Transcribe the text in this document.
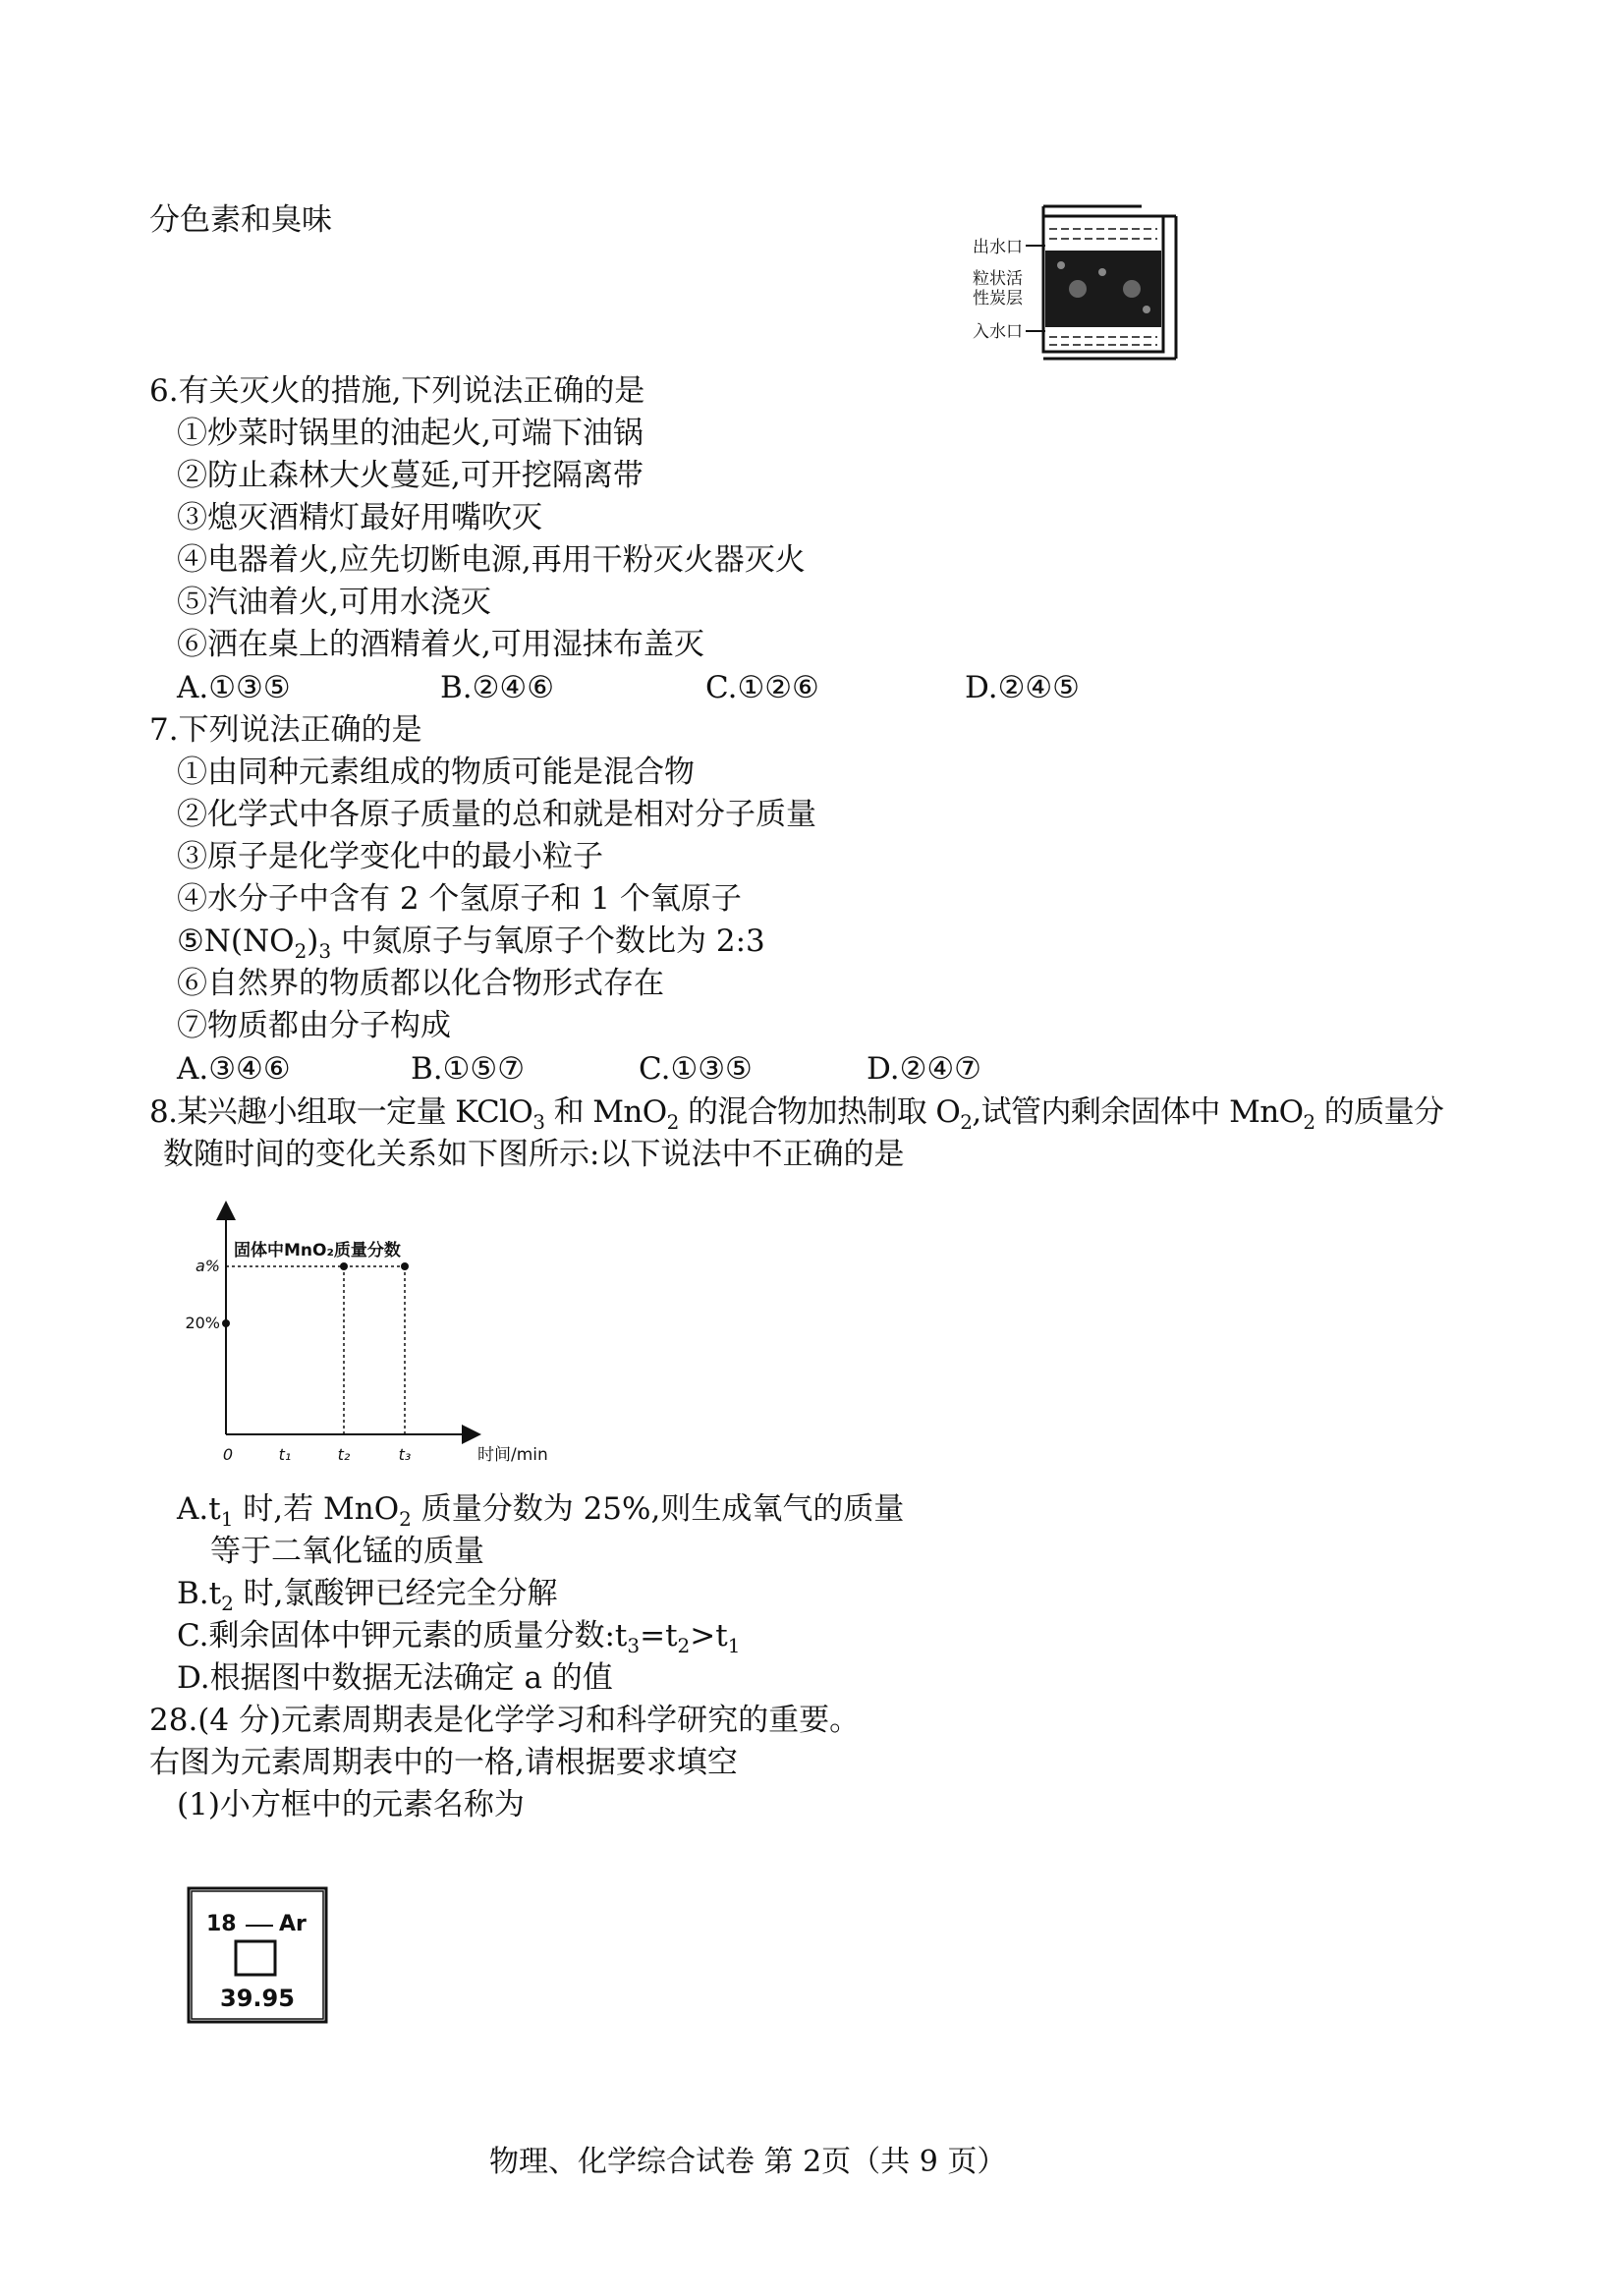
分色素和臭味
出水口
粒状活
性炭层
入水口
6.有关灭火的措施,下列说法正确的是
①炒菜时锅里的油起火,可端下油锅
②防止森林大火蔓延,可开挖隔离带
③熄灭酒精灯最好用嘴吹灭
④电器着火,应先切断电源,再用干粉灭火器灭火
⑤汽油着火,可用水浇灭
⑥洒在桌上的酒精着火,可用湿抹布盖灭
A.①③⑤	B.②④⑥	C.①②⑥	D.②④⑤
7.下列说法正确的是
①由同种元素组成的物质可能是混合物
②化学式中各原子质量的总和就是相对分子质量
③原子是化学变化中的最小粒子
④水分子中含有 2 个氢原子和 1 个氧原子
$⑤N(NO_2)_3$ 中氮原子与氧原子个数比为 2:3
⑥自然界的物质都以化合物形式存在
⑦物质都由分子构成
A.③④⑥	B.①⑤⑦	C.①③⑤	D.②④⑦
8.某兴趣小组取一定量 KClO$_3$ 和 MnO$_2$ 的混合物加热制取 $O_2$,试管内剩余固体中 MnO$_2$ 的质量分
数随时间的变化关系如下图所示:以下说法中不正确的是
固体中MnO₂质量分数
时间/min
a%
20%
0	t₁	t₂	t₃
$A.t_1$ 时,若 MnO$_2$ 质量分数为 25%,则生成氧气的质量
等于二氧化锰的质量
$B.t_2$ 时,氯酸钾已经完全分解
C.剩余固体中钾元素的质量分数$:t_3=t_2>t_1$
D.根据图中数据无法确定 a 的值
28.(4 分)元素周期表是化学学习和科学研究的重要。
右图为元素周期表中的一格,请根据要求填空
(1)小方框中的元素名称为
18 Ar
39.95
物理、化学综合试卷 第 2页（共 9 页）
